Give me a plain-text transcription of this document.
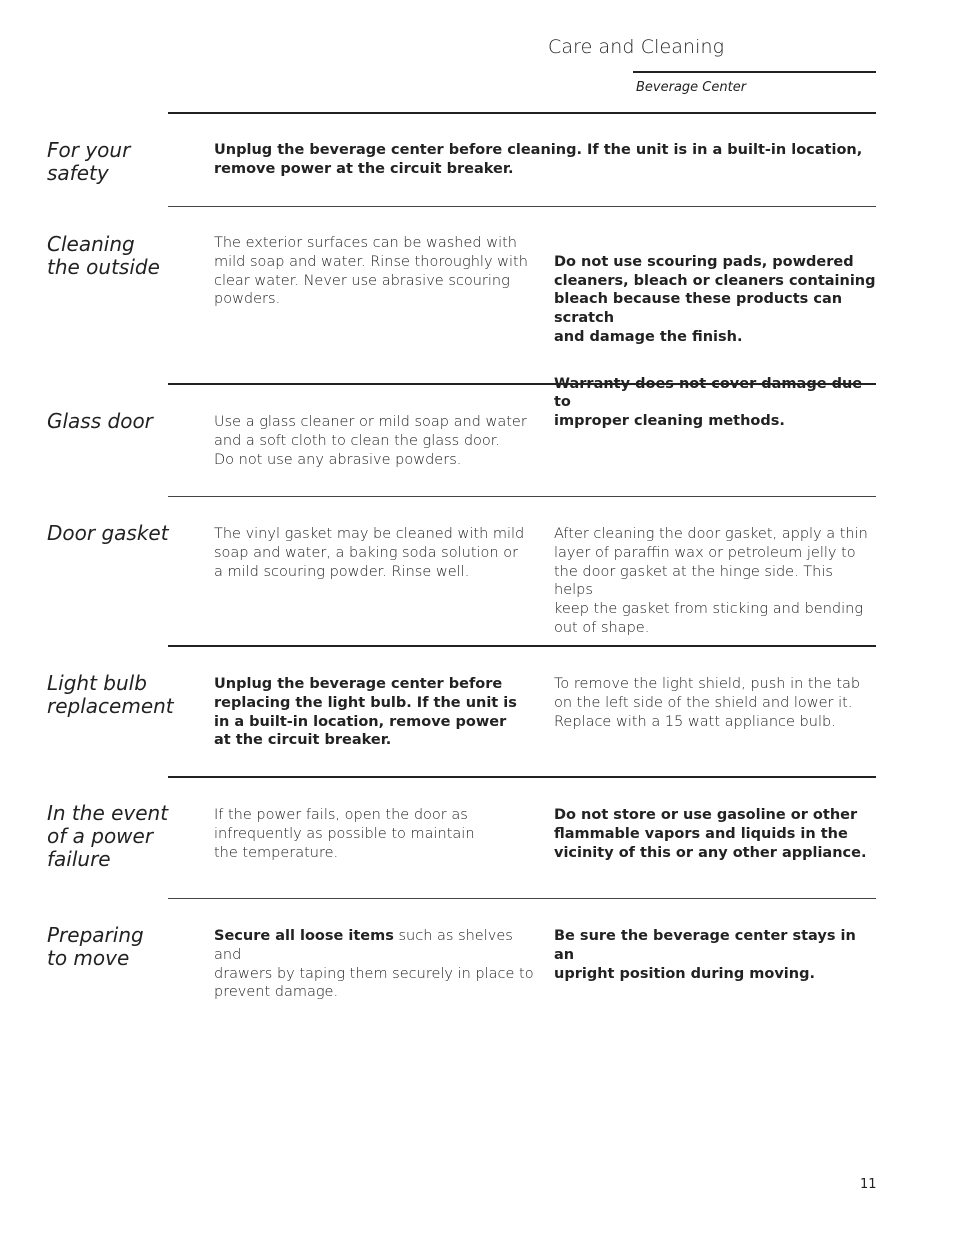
Care and Cleaning
Beverage Center
For your
safety
Unplug the beverage center before cleaning. If the unit is in a built-in location,
remove power at the circuit breaker.
Cleaning
the outside
The exterior surfaces can be washed with
mild soap and water. Rinse thoroughly with
clear water. Never use abrasive scouring
powders.

Do not use scouring pads, powdered
cleaners, bleach or cleaners containing
bleach because these products can scratch
and damage the finish.

Warranty does not cover damage due to
improper cleaning methods.

Glass door	Use a glass cleaner or mild soap and water
and a soft cloth to clean the glass door.
Do not use any abrasive powders.
Door gasket	The vinyl gasket may be cleaned with mild
soap and water, a baking soda solution or
a mild scouring powder. Rinse well.
After cleaning the door gasket, apply a thin
layer of paraffin wax or petroleum jelly to
the door gasket at the hinge side. This helps
keep the gasket from sticking and bending
out of shape.
Light bulb
replacement
Unplug the beverage center before
replacing the light bulb. If the unit is
in a built-in location, remove power
at the circuit breaker.
To remove the light shield, push in the tab
on the left side of the shield and lower it.
Replace with a 15 watt appliance bulb.
In the event
of a power
failure
If the power fails, open the door as
infrequently as possible to maintain
the temperature.
Do not store or use gasoline or other
flammable vapors and liquids in the
vicinity of this or any other appliance.
Preparing
to move
Secure all loose items such as shelves and
drawers by taping them securely in place to
prevent damage.
Be sure the beverage center stays in an
upright position during moving.
11
